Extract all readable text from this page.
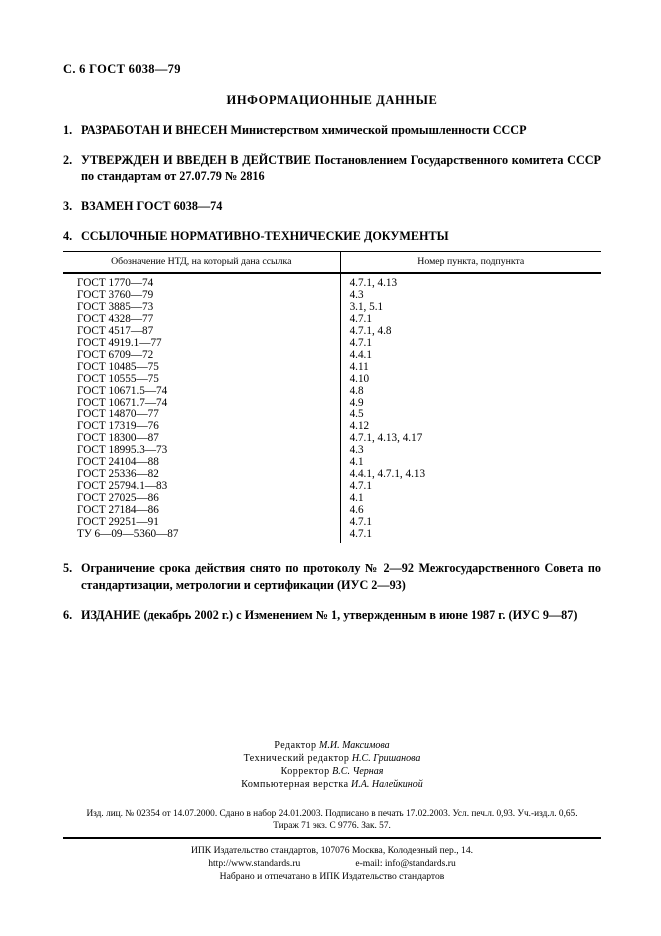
С. 6 ГОСТ 6038—79
ИНФОРМАЦИОННЫЕ ДАННЫЕ
1. РАЗРАБОТАН И ВНЕСЕН Министерством химической промышленности СССР
2. УТВЕРЖДЕН И ВВЕДЕН В ДЕЙСТВИЕ Постановлением Государственного комитета СССР по стандартам от 27.07.79 № 2816
3. ВЗАМЕН ГОСТ 6038—74
4. ССЫЛОЧНЫЕ НОРМАТИВНО-ТЕХНИЧЕСКИЕ ДОКУМЕНТЫ
Обозначение НТД, на который дана ссылка	Номер пункта, подпункта
ГОСТ 1770—74	4.7.1, 4.13
ГОСТ 3760—79	4.3
ГОСТ 3885—73	3.1, 5.1
ГОСТ 4328—77	4.7.1
ГОСТ 4517—87	4.7.1, 4.8
ГОСТ 4919.1—77	4.7.1
ГОСТ 6709—72	4.4.1
ГОСТ 10485—75	4.11
ГОСТ 10555—75	4.10
ГОСТ 10671.5—74	4.8
ГОСТ 10671.7—74	4.9
ГОСТ 14870—77	4.5
ГОСТ 17319—76	4.12
ГОСТ 18300—87	4.7.1, 4.13, 4.17
ГОСТ 18995.3—73	4.3
ГОСТ 24104—88	4.1
ГОСТ 25336—82	4.4.1, 4.7.1, 4.13
ГОСТ 25794.1—83	4.7.1
ГОСТ 27025—86	4.1
ГОСТ 27184—86	4.6
ГОСТ 29251—91	4.7.1
ТУ 6—09—5360—87	4.7.1
5. Ограничение срока действия снято по протоколу № 2—92 Межгосударственного Совета по стандартизации, метрологии и сертификации (ИУС 2—93)
6. ИЗДАНИЕ (декабрь 2002 г.) с Изменением № 1, утвержденным в июне 1987 г. (ИУС 9—87)
Редактор М.И. Максимова
Технический редактор Н.С. Гришанова
Корректор В.С. Черная
Компьютерная верстка И.А. Налейкиной
Изд. лиц. № 02354 от 14.07.2000. Сдано в набор 24.01.2003. Подписано в печать 17.02.2003. Усл. печ.л. 0,93. Уч.-изд.л. 0,65.
Тираж 71 экз. С 9776. Зак. 57.
ИПК Издательство стандартов, 107076 Москва, Колодезный пер., 14.
http://www.standards.ru	e-mail: info@standards.ru
Набрано и отпечатано в ИПК Издательство стандартов
